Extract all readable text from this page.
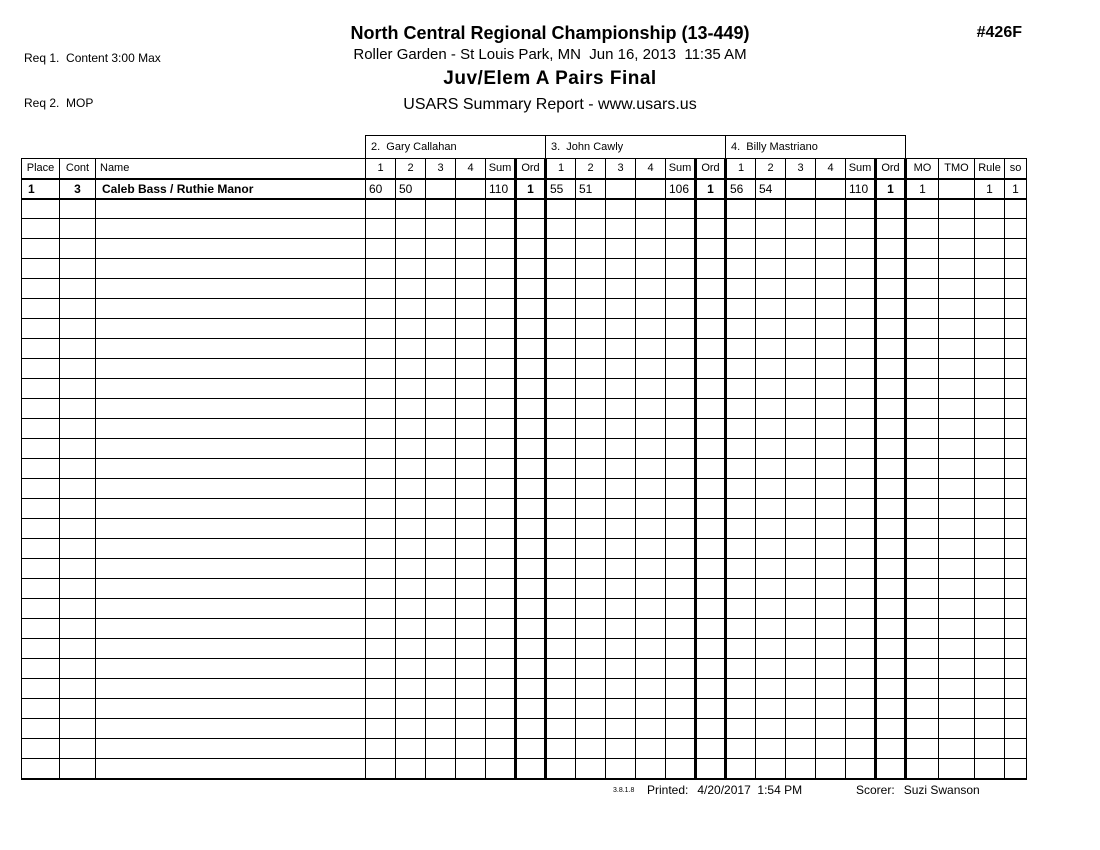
Req 1.  Content 3:00 Max

Req 2.  MOP

#426F
North Central Regional Championship (13-449)
Roller Garden - St Louis Park, MN  Jun 16, 2013  11:35 AM
Juv/Elem A Pairs Final
USARS Summary Report - www.usars.us
			2.  Gary Callahan						3.  John Cawly						4.  Billy Mastriano									
Place	Cont	Name	1	2	3	4	Sum	Ord	1	2	3	4	Sum	Ord	1	2	3	4	Sum	Ord	MO	TMO	Rule	so
1	3	Caleb Bass / Ruthie Manor	60	50			110	1	55	51			106	1	56	54			110	1	1		1	1

3.8.1.8 Printed: 4/20/2017  1:54 PM	Scorer: Suzi Swanson
